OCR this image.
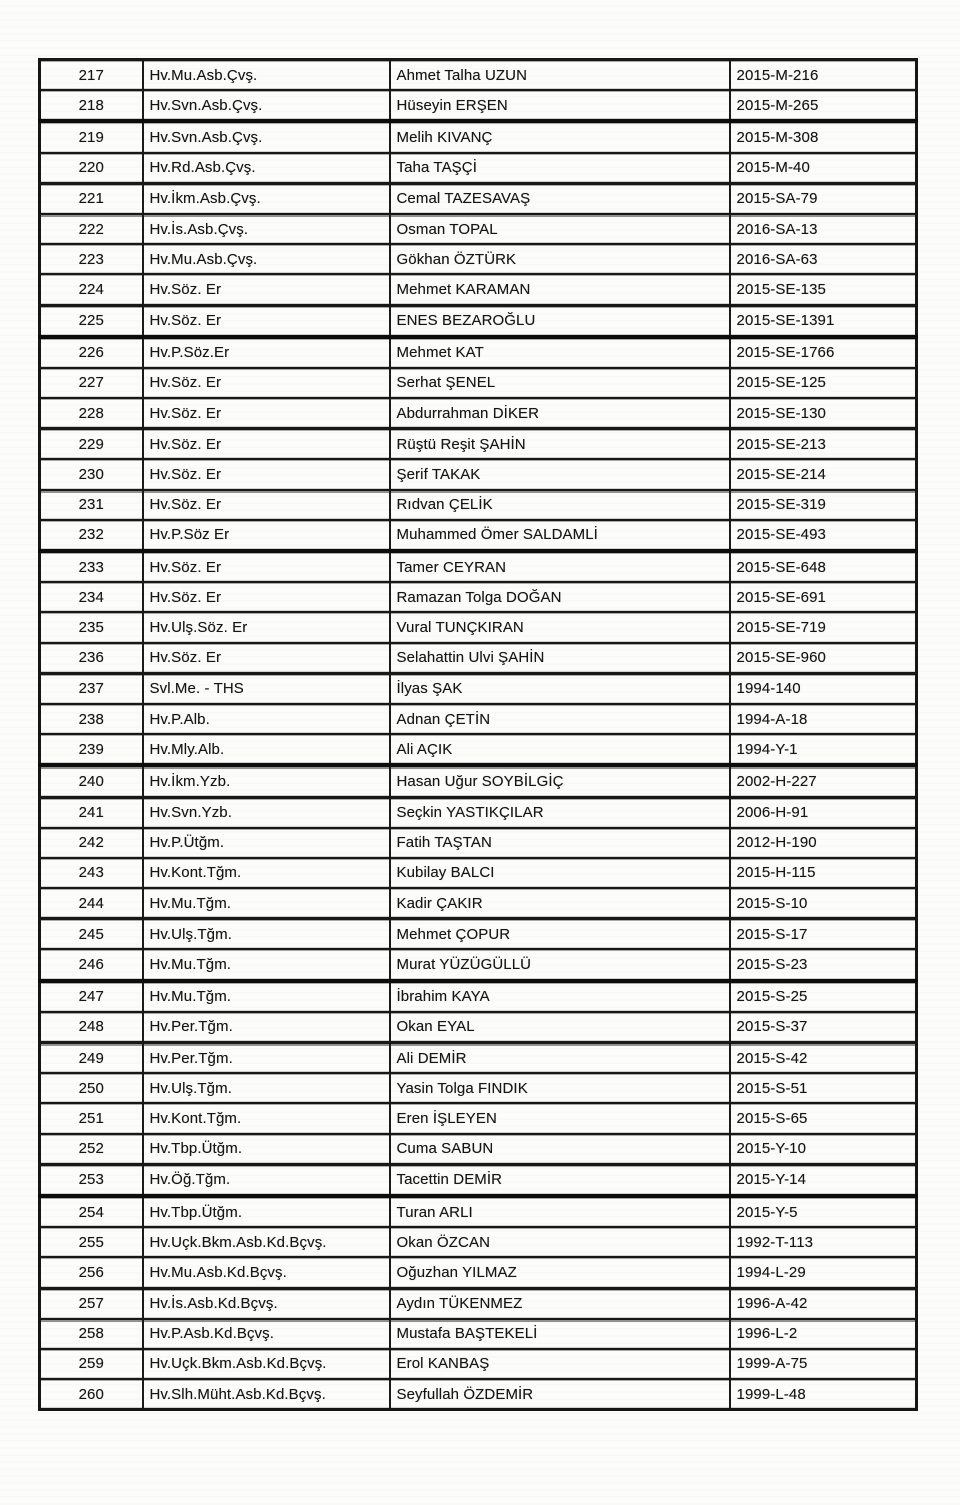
217	Hv.Mu.Asb.Çvş.	Ahmet Talha UZUN	2015-M-216
218	Hv.Svn.Asb.Çvş.	Hüseyin ERŞEN	2015-M-265
219	Hv.Svn.Asb.Çvş.	Melih KIVANÇ	2015-M-308
220	Hv.Rd.Asb.Çvş.	Taha TAŞÇİ	2015-M-40
221	Hv.İkm.Asb.Çvş.	Cemal TAZESAVAŞ	2015-SA-79
222	Hv.İs.Asb.Çvş.	Osman TOPAL	2016-SA-13
223	Hv.Mu.Asb.Çvş.	Gökhan ÖZTÜRK	2016-SA-63
224	Hv.Söz. Er	Mehmet KARAMAN	2015-SE-135
225	Hv.Söz. Er	ENES BEZAROĞLU	2015-SE-1391
226	Hv.P.Söz.Er	Mehmet KAT	2015-SE-1766
227	Hv.Söz. Er	Serhat ŞENEL	2015-SE-125
228	Hv.Söz. Er	Abdurrahman DİKER	2015-SE-130
229	Hv.Söz. Er	Rüştü Reşit ŞAHİN	2015-SE-213
230	Hv.Söz. Er	Şerif TAKAK	2015-SE-214
231	Hv.Söz. Er	Rıdvan ÇELİK	2015-SE-319
232	Hv.P.Söz Er	Muhammed Ömer SALDAMLİ	2015-SE-493
233	Hv.Söz. Er	Tamer CEYRAN	2015-SE-648
234	Hv.Söz. Er	Ramazan Tolga DOĞAN	2015-SE-691
235	Hv.Ulş.Söz. Er	Vural TUNÇKIRAN	2015-SE-719
236	Hv.Söz. Er	Selahattin Ulvi ŞAHİN	2015-SE-960
237	Svl.Me. - THS	İlyas ŞAK	1994-140
238	Hv.P.Alb.	Adnan ÇETİN	1994-A-18
239	Hv.Mly.Alb.	Ali AÇIK	1994-Y-1
240	Hv.İkm.Yzb.	Hasan Uğur SOYBİLGİÇ	2002-H-227
241	Hv.Svn.Yzb.	Seçkin YASTIKÇILAR	2006-H-91
242	Hv.P.Ütğm.	Fatih TAŞTAN	2012-H-190
243	Hv.Kont.Tğm.	Kubilay BALCI	2015-H-115
244	Hv.Mu.Tğm.	Kadir ÇAKIR	2015-S-10
245	Hv.Ulş.Tğm.	Mehmet ÇOPUR	2015-S-17
246	Hv.Mu.Tğm.	Murat YÜZÜGÜLLÜ	2015-S-23
247	Hv.Mu.Tğm.	İbrahim KAYA	2015-S-25
248	Hv.Per.Tğm.	Okan EYAL	2015-S-37
249	Hv.Per.Tğm.	Ali DEMİR	2015-S-42
250	Hv.Ulş.Tğm.	Yasin Tolga FINDIK	2015-S-51
251	Hv.Kont.Tğm.	Eren İŞLEYEN	2015-S-65
252	Hv.Tbp.Ütğm.	Cuma SABUN	2015-Y-10
253	Hv.Öğ.Tğm.	Tacettin DEMİR	2015-Y-14
254	Hv.Tbp.Ütğm.	Turan ARLI	2015-Y-5
255	Hv.Uçk.Bkm.Asb.Kd.Bçvş.	Okan ÖZCAN	1992-T-113
256	Hv.Mu.Asb.Kd.Bçvş.	Oğuzhan YILMAZ	1994-L-29
257	Hv.İs.Asb.Kd.Bçvş.	Aydın TÜKENMEZ	1996-A-42
258	Hv.P.Asb.Kd.Bçvş.	Mustafa BAŞTEKELİ	1996-L-2
259	Hv.Uçk.Bkm.Asb.Kd.Bçvş.	Erol KANBAŞ	1999-A-75
260	Hv.Slh.Müht.Asb.Kd.Bçvş.	Seyfullah ÖZDEMİR	1999-L-48
